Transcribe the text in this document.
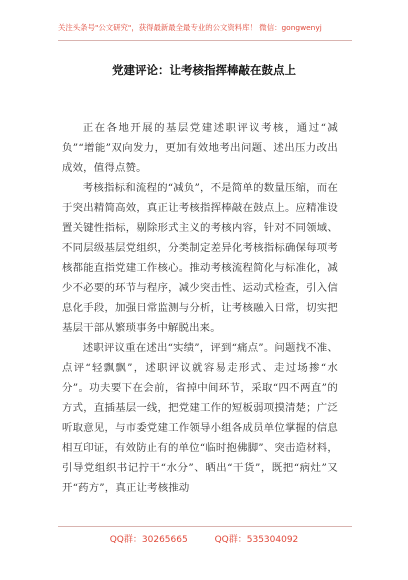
关注头条号"公文研究"，获得最新最全最专业的公文资料库！ 微信：gongwenyj
党建评论：让考核指挥棒敲在鼓点上

正在各地开展的基层党建述职评议考核，通过“减负”“增能”双向发力，更加有效地考出问题、述出压力改出成效，值得点赞。

考核指标和流程的“减负”，不是简单的数量压缩，而在于突出精简高效，真正让考核指挥棒敲在鼓点上。应精准设置关键性指标，剔除形式主义的考核内容，针对不同领域、不同层级基层党组织，分类制定差异化考核指标确保每项考核都能直指党建工作核心。推动考核流程简化与标准化，减少不必要的环节与程序，减少突击性、运动式检查，引入信息化手段，加强日常监测与分析，让考核融入日常，切实把基层干部从繁琐事务中解脱出来。

述职评议重在述出“实绩”，评到“痛点”。问题找不准、点评“轻飘飘”，述职评议就容易走形式、走过场掺“水分”。功夫要下在会前，省掉中间环节，采取“四不两直”的方式，直插基层一线，把党建工作的短板弱项摸清楚；广泛听取意见，与市委党建工作领导小组各成员单位掌握的信息相互印证，有效防止有的单位“临时抱佛脚”、突击造材料，引导党组织书记拧干“水分”、晒出“干货”，既把“病灶”又开“药方”，真正让考核推动

QQ群：30265665	QQ群：535304092
